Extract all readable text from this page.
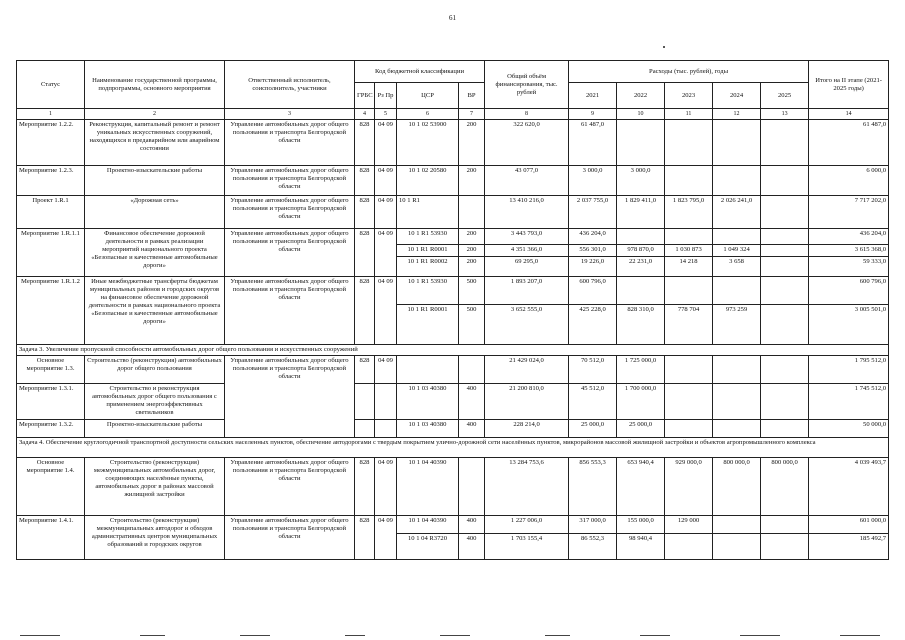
61
Статус	Наименование государственной программы, подпрограммы, основного мероприятия	Ответственный исполнитель, соисполнитель, участники	Код бюджетной классификации				Общий объём финансирования, тыс. рублей	Расходы (тыс. рублей), годы					Итого на II этапе (2021-2025 годы)
			ГРБС	Рз Пр	ЦСР	ВР		2021	2022	2023	2024	2025	
1	2	3	4	5	6	7	8	9	10	11	12	13	14
Мероприятие 1.2.2.	Реконструкция, капитальный ремонт и ремонт уникальных искусственных сооружений, находящихся в предаварийном или аварийном состоянии	Управление автомобильных дорог общего пользования и транспорта Белгородской области	828	04 09	10 1 02 53900	200	322 620,0	61 487,0					61 487,0
Мероприятие 1.2.3.	Проектно-изыскательские работы	Управление автомобильных дорог общего пользования и транспорта Белгородской области	828	04 09	10 1 02 20580	200	43 077,0	3 000,0	3 000,0				6 000,0
Проект 1.R.1	«Дорожная сеть»	Управление автомобильных дорог общего пользования и транспорта Белгородской области	828	04 09	10 1 R1		13 410 216,0	2 037 755,0	1 829 411,0	1 823 795,0	2 026 241,0		7 717 202,0
Мероприятие 1.R.1.1	Финансовое обеспечение дорожной деятельности в рамках реализации мероприятий национального проекта «Безопасные и качественные автомобильные дороги»	Управление автомобильных дорог общего пользования и транспорта Белгородской области	828	04 09	10 1 R1 53930	200	3 443 793,0	436 204,0					436 204,0
					10 1 R1 R0001	200	4 351 366,0	556 301,0	978 870,0	1 030 873	1 049 324		3 615 368,0
					10 1 R1 R0002	200	69 295,0	19 226,0	22 231,0	14 218	3 658		59 333,0
Мероприятие 1.R.1.2	Иные межбюджетные трансферты бюджетам муниципальных районов и городских округов на финансовое обеспечение дорожной деятельности в рамках национального проекта «Безопасные и качественные автомобильные дороги»	Управление автомобильных дорог общего пользования и транспорта Белгородской области	828	04 09	10 1 R1 53930	500	1 893 207,0	600 796,0					600 796,0
					10 1 R1 R0001	500	3 652 555,0	425 228,0	828 310,0	778 704	973 259		3 005 501,0
Задача 3. Увеличение пропускной способности автомобильных дорог общего пользования и искусственных сооружений													
Основное мероприятие 1.3.	Строительство (реконструкция) автомобильных дорог общего пользования	Управление автомобильных дорог общего пользования и транспорта Белгородской области	828	04 09			21 429 024,0	70 512,0	1 725 000,0				1 795 512,0
Мероприятие 1.3.1.	Строительство и реконструкция автомобильных дорог общего пользования с применением энергоэффективных светильников				10 1 03 40380	400	21 200 810,0	45 512,0	1 700 000,0				1 745 512,0
Мероприятие 1.3.2.	Проектно-изыскательские работы				10 1 03 40380	400	228 214,0	25 000,0	25 000,0				50 000,0
Задача 4. Обеспечение круглогодичной транспортной доступности сельских населенных пунктов, обеспечение автодорогами с твердым покрытием улично-дорожной сети населённых пунктов, микрорайонов массовой жилищной застройки и объектов агропромышленного комплекса													
Основное мероприятие 1.4.	Строительство (реконструкция) межмуниципальных автомобильных дорог, соединяющих населённые пункты, автомобильных дорог в районах массовой жилищной застройки	Управление автомобильных дорог общего пользования и транспорта Белгородской области	828	04 09	10 1 04 40390		13 284 753,6	856 553,3	653 940,4	929 000,0	800 000,0	800 000,0	4 039 493,7
Мероприятие 1.4.1.	Строительство (реконструкция) межмуниципальных автодорог и обходов административных центров муниципальных образований и городских округов	Управление автомобильных дорог общего пользования и транспорта Белгородской области	828	04 09	10 1 04 40390	400	1 227 006,0	317 000,0	155 000,0	129 000			601 000,0
					10 1 04 R3720	400	1 703 155,4	86 552,3	98 940,4				185 492,7
